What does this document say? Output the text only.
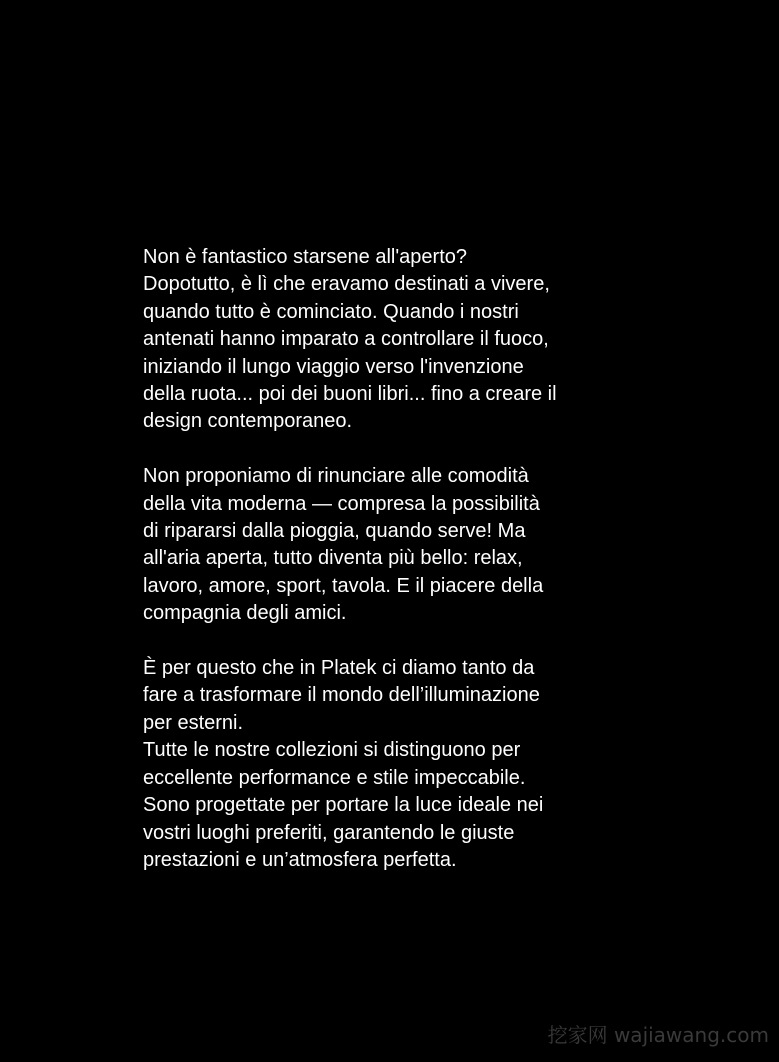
Non è fantastico starsene all'aperto?
Dopotutto, è lì che eravamo destinati a vivere,
quando tutto è cominciato. Quando i nostri
antenati hanno imparato a controllare il fuoco,
iniziando il lungo viaggio verso l'invenzione
della ruota... poi dei buoni libri... fino a creare il
design contemporaneo.

Non proponiamo di rinunciare alle comodità
della vita moderna — compresa la possibilità
di ripararsi dalla pioggia, quando serve! Ma
all'aria aperta, tutto diventa più bello: relax,
lavoro, amore, sport, tavola. E il piacere della
compagnia degli amici.

È per questo che in Platek ci diamo tanto da
fare a trasformare il mondo dell’illuminazione
per esterni.
Tutte le nostre collezioni si distinguono per
eccellente performance e stile impeccabile.
Sono progettate per portare la luce ideale nei
vostri luoghi preferiti, garantendo le giuste
prestazioni e un’atmosfera perfetta.

挖家网 wajiawang.com
